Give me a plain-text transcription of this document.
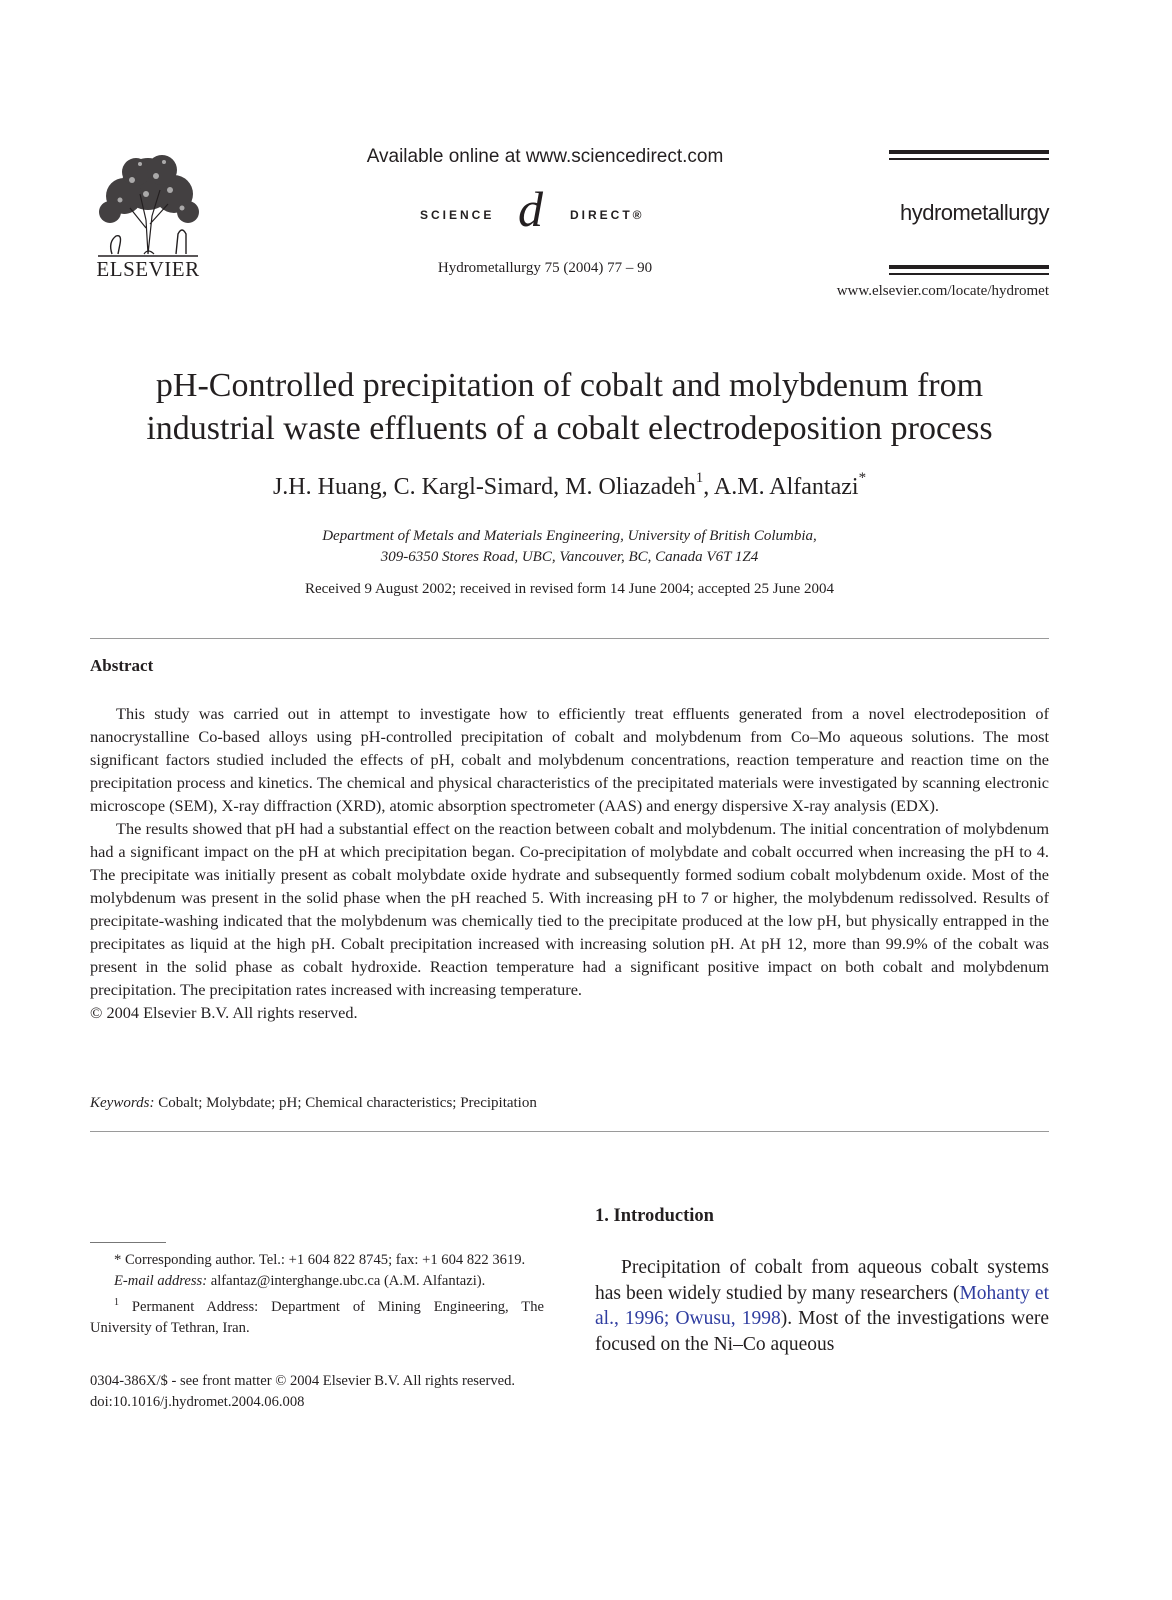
ELSEVIER
Available online at www.sciencedirect.com
SCIENCE d DIRECT®
Hydrometallurgy 75 (2004) 77 – 90
hydrometallurgy
www.elsevier.com/locate/hydromet
pH-Controlled precipitation of cobalt and molybdenum from
industrial waste effluents of a cobalt electrodeposition process
J.H. Huang, C. Kargl-Simard, M. Oliazadeh$^1$, A.M. Alfantazi*
Department of Metals and Materials Engineering, University of British Columbia,
309-6350 Stores Road, UBC, Vancouver, BC, Canada V6T 1Z4
Received 9 August 2002; received in revised form 14 June 2004; accepted 25 June 2004
Abstract

This study was carried out in attempt to investigate how to efficiently treat effluents generated from a novel electrodeposition of nanocrystalline Co-based alloys using pH-controlled precipitation of cobalt and molybdenum from Co–Mo aqueous solutions. The most significant factors studied included the effects of pH, cobalt and molybdenum concentrations, reaction temperature and reaction time on the precipitation process and kinetics. The chemical and physical characteristics of the precipitated materials were investigated by scanning electronic microscope (SEM), X-ray diffraction (XRD), atomic absorption spectrometer (AAS) and energy dispersive X-ray analysis (EDX).

The results showed that pH had a substantial effect on the reaction between cobalt and molybdenum. The initial concentration of molybdenum had a significant impact on the pH at which precipitation began. Co-precipitation of molybdate and cobalt occurred when increasing the pH to 4. The precipitate was initially present as cobalt molybdate oxide hydrate and subsequently formed sodium cobalt molybdenum oxide. Most of the molybdenum was present in the solid phase when the pH reached 5. With increasing pH to 7 or higher, the molybdenum redissolved. Results of precipitate-washing indicated that the molybdenum was chemically tied to the precipitate produced at the low pH, but physically entrapped in the precipitates as liquid at the high pH. Cobalt precipitation increased with increasing solution pH. At pH 12, more than 99.9% of the cobalt was present in the solid phase as cobalt hydroxide. Reaction temperature had a significant positive impact on both cobalt and molybdenum precipitation. The precipitation rates increased with increasing temperature.

© 2004 Elsevier B.V. All rights reserved.

Keywords: Cobalt; Molybdate; pH; Chemical characteristics; Precipitation

* Corresponding author. Tel.: +1 604 822 8745; fax: +1 604 822 3619.

E-mail address: alfantaz@interghange.ubc.ca (A.M. Alfantazi).

$^1$ Permanent Address: Department of Mining Engineering, The University of Tethran, Iran.

0304-386X/$ - see front matter © 2004 Elsevier B.V. All rights reserved.
doi:10.1016/j.hydromet.2004.06.008
1. Introduction

Precipitation of cobalt from aqueous cobalt systems has been widely studied by many researchers (Mohanty et al., 1996; Owusu, 1998). Most of the investigations were focused on the Ni–Co aqueous
